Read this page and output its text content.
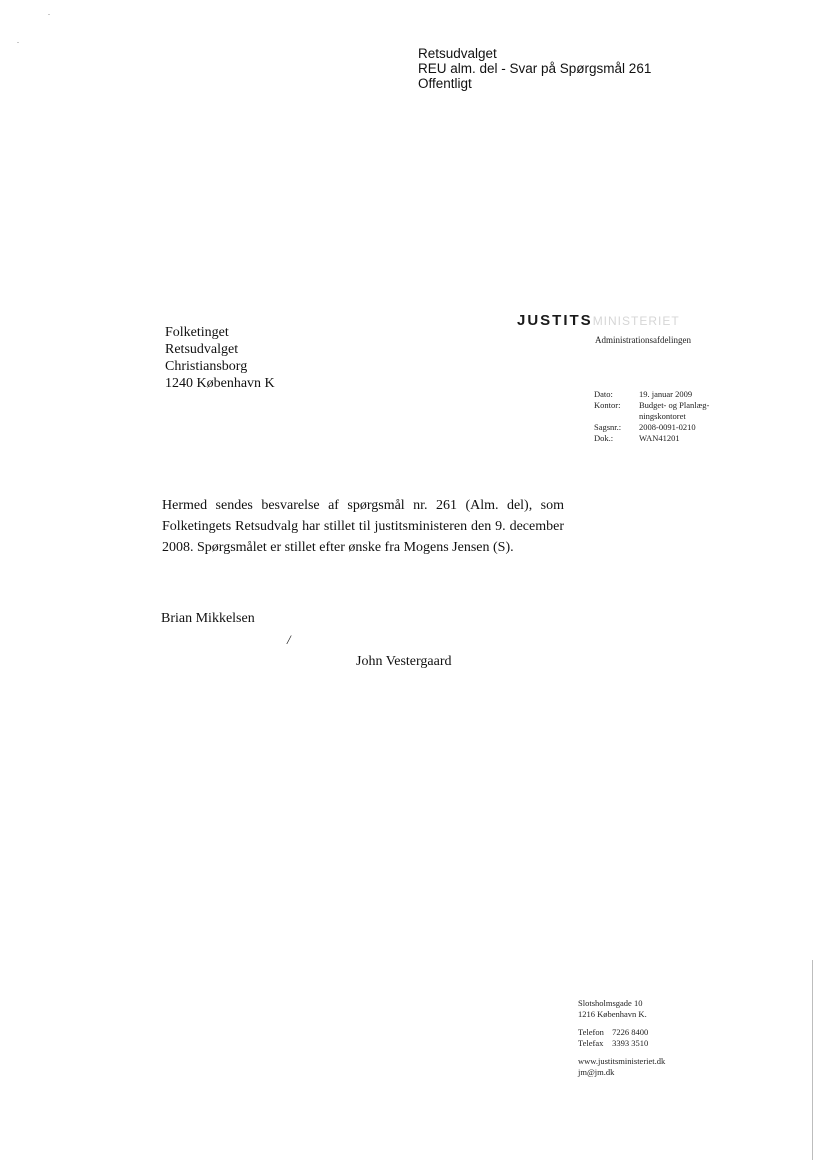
Retsudvalget
REU alm. del - Svar på Spørgsmål 261
Offentligt
JUSTITSMINISTERIET
Administrationsafdelingen
Folketinget
Retsudvalget
Christiansborg
1240 København K
Dato:	19. januar 2009
Kontor:	Budget- og Planlæg-
ningskontoret
Sagsnr.:	2008-0091-0210
Dok.:	WAN41201
Hermed sendes besvarelse af spørgsmål nr. 261 (Alm. del), som Folketingets Retsudvalg har stillet til justitsministeren den 9. december 2008. Spørgsmålet er stillet efter ønske fra Mogens Jensen (S).
Brian Mikkelsen
/
John Vestergaard
Slotsholmsgade 10
1216 København K.
Telefon 7226 8400
Telefax 3393 3510
www.justitsministeriet.dk
jm@jm.dk
